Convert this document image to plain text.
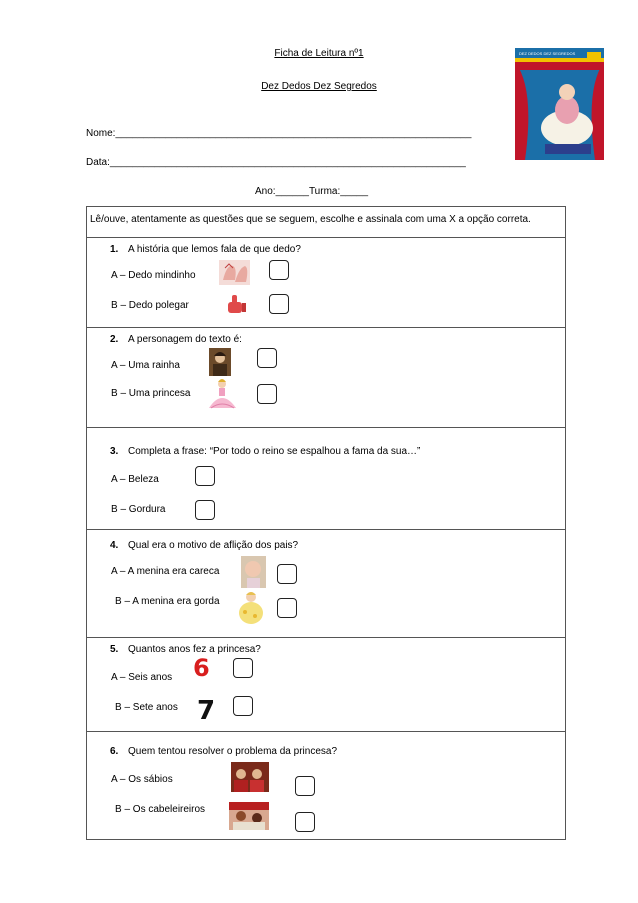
Ficha de Leitura nº1
Dez Dedos Dez Segredos
DEZ DEDOS DEZ SEGREDOS
Nome:________________________________________________________________
Data:________________________________________________________________
Ano:______Turma:_____
Lê/ouve, atentamente as questões que se seguem, escolhe e assinala com uma X a opção correta.
1. A história que lemos fala de que dedo?
A – Dedo mindinho
B – Dedo polegar
2. A personagem do texto é:
A – Uma rainha
B – Uma princesa
3. Completa a frase: “Por todo o reino se espalhou a fama da sua…”
A – Beleza
B – Gordura
4. Qual era o motivo de aflição dos pais?
A – A menina era careca
B – A menina era gorda
5. Quantos anos fez a princesa?
A – Seis anos 6
B – Sete anos 7
6. Quem tentou resolver o problema da princesa?
A – Os sábios
B – Os cabeleireiros
